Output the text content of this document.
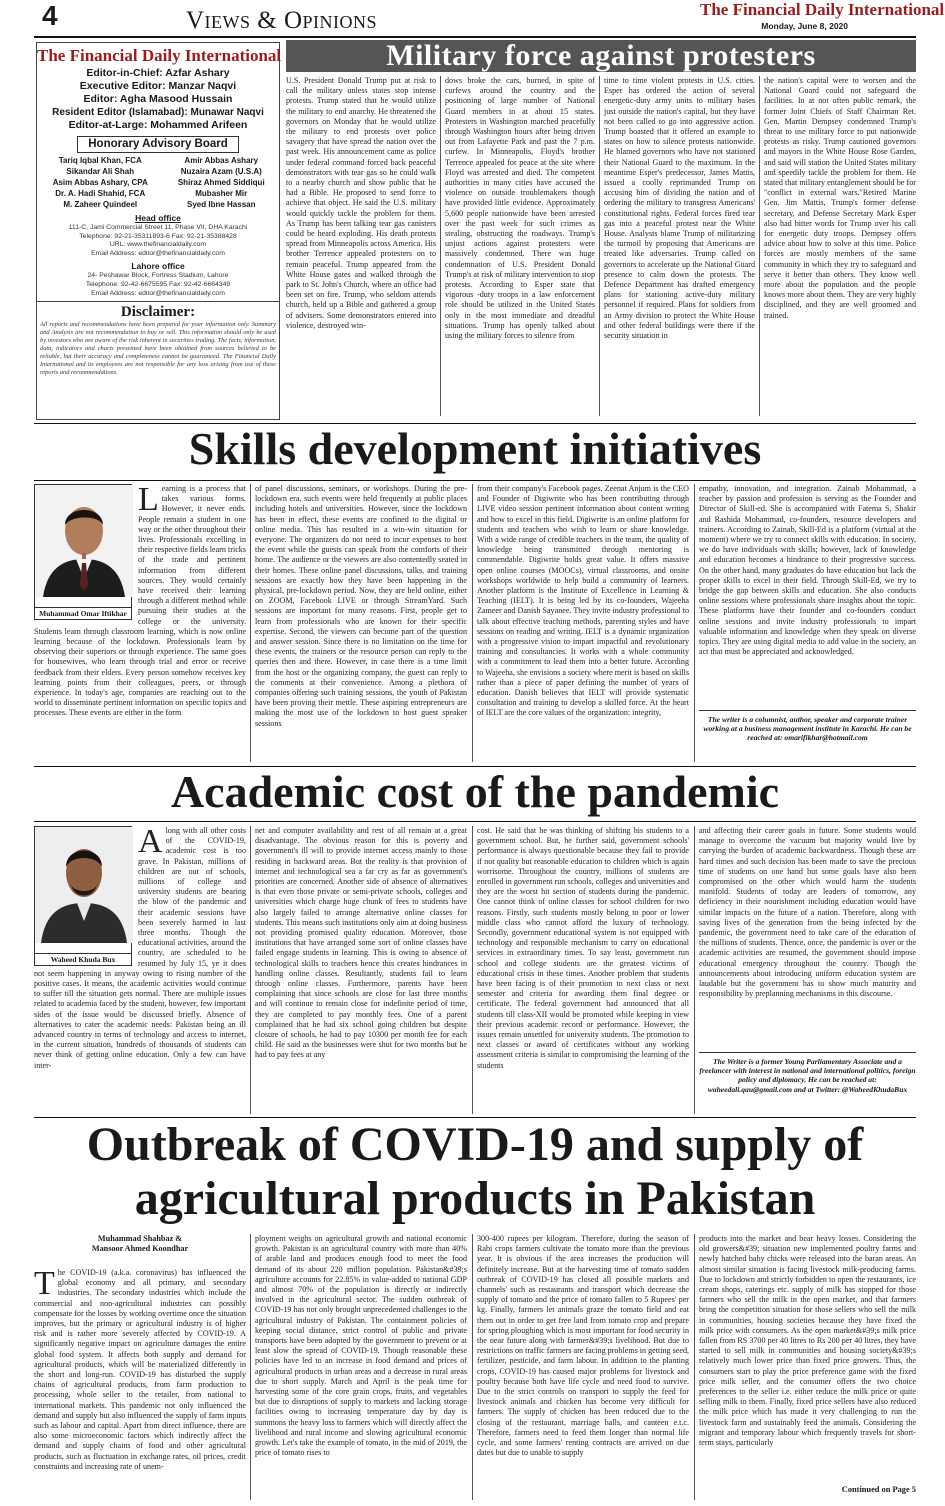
4	Views & Opinions	The Financial Daily International
Monday, June 8, 2020
The Financial Daily International
Editor-in-Chief: Azfar Ashary
Executive Editor: Manzar Naqvi
Editor: Agha Masood Hussain
Resident Editor (Islamabad): Munawar Naqvi
Editor-at-Large: Mohammed Arifeen
Honorary Advisory Board
Tariq Iqbal Khan, FCA	Amir Abbas Ashary
Sikandar Ali Shah	Nuzaira Azam (U.S.A)
Asim Abbas Ashary, CPA	Shiraz Ahmed Siddiqui
Dr. A. Hadi Shahid, FCA	Mubasher Mir
M. Zaheer Quindeel	Syed Ibne Hassan
Head office
111-C, Jami Commercial Street 11, Phase VII, DHA Karachi
Telephone: 92-21-35311893-6 Fax: 92-21-35388428
URL: www.thefinancialdaily.com
Email Address: editor@thefinancialdaily.com
Lahore office
24- Peshawar Block, Fortress Stadium, Lahore
Telephone: 92-42-6675595 Fax: 92-42-6664349
Email Address: editor@thefinancialdaily.com
Disclaimer:
All reports and recommendations have been prepared for your information only. Summary and Analysis are not recommendation to buy or sell. This information should only be used by investors who are aware of the risk inherent in securities trading. The facts, information, data, indicators and charts presented have been obtained from sources believed to be reliable, but their accuracy and completeness cannot be guaranteed. The Financial Daily International and its employees are not responsible for any loss arising from use of these reports and recommendations.
Military force against protesters
U.S. President Donald Trump put at risk to call the military unless states stop intense protests. Trump stated that he would utilize the military to end anarchy. He threatened the governors on Monday that he would utilize the military to end protests over police savagery that have spread the nation over the past week. His announcement came as police under federal command forced back peaceful demonstrators with tear gas so he could walk to a nearby church and show public that he had a Bible. He proposed to send force to achieve that object. He said the U.S. military would quickly tackle the problem for them. As Trump has been talking tear gas canisters could be heard exploding. His death protests spread from Minneapolis across America. His brother Terrence appealed protesters on to remain peaceful. Trump appeared from the White House gates and walked through the park to St. John's Church, where an office had been set on fire. Trump, who seldom attends church, held up a Bible and gathered a group of advisers. Some demonstrators entered into violence, destroyed win-
dows broke the cars, burned, in spite of curfews around the country and the positioning of large number of National Guard members in at about 15 states. Protesters in Washington marched peacefully through Washington hours after being driven out from Lafayette Park and past the 7 p.m. curfew. In Minneapolis, Floyd's brother Terrence appealed for peace at the site where Floyd was arrested and died. The competent authorities in many cities have accused the violence on outside troublemakers though have provided little evidence. Approximately 5,600 people nationwide have been arrested over the past week for such crimes as stealing, obstructing the roadways. Trump's unjust actions against protesters were massively condemned. There was huge condemnation of U.S. President Donald Trump's at risk of military intervention to stop protests. According to Esper state that vigorous -duty troops in a law enforcement role should be utilized in the United States only in the most immediate and dreadful situations. Trump has openly talked about using the military forces to silence from
time to time violent protests in U.S. cities. Esper has ordered the action of several energetic-duty army units to military bases just outside the nation's capital, but they have not been called to go into aggressive action. Trump boasted that it offered an example to states on how to silence protests nationwide. He blamed governors who have not stationed their National Guard to the maximum. In the meantime Esper's predecessor, James Mattis, issued a coolly reprimanded Trump on accusing him of dividing the nation and of ordering the military to transgress Americans' constitutional rights. Federal forces fired tear gas into a peaceful protest near the White House. Analysts blame Trump of militarizing the turmoil by proposing that Americans are treated like adversaries. Trump called on governors to accelerate up the National Guard presence to calm down the protests. The Defence Department has drafted emergency plans for stationing active-duty military personnel if required. Plans for soldiers from an Army division to protect the White House and other federal buildings were there if the security situation in
the nation's capital were to worsen and the National Guard could not safeguard the facilities. In at not often public remark, the former Joint Chiefs of Staff Chairman Ret. Gen. Martin Dempsey condemned Trump's threat to use military force to put nationwide protests as risky. Trump cautioned governors and mayors in the White House Rose Garden, and said will station the United States military and speedily tackle the problem for them. He stated that military entanglement should be for "conflict in external wars."Retired Marine Gen. Jim Mattis, Trump's former defense secretary, and Defense Secretary Mark Esper also had bitter words for Trump over his call for energetic duty troops. Dempsey offers advice about how to solve at this time. Police forces are mostly members of the same community in which they try to safeguard and serve it better than others. They know well more about the population and the people knows more about them. They are very highly disciplined, and they are well groomed and trained.
Skills development initiatives
Muhammad Omar Iftikhar
L earning is a process that takes various forms. However, it never ends. People remain a student in one way or the other throughout their lives. Professionals excelling in their respective fields learn tricks of the trade and pertinent information from different sources. They would certainly have received their learning through a different method while pursuing their studies at the college or the university. Students learn through classroom learning, which is now online learning because of the lockdown. Professionals learn by observing their superiors or through experience. The same goes for housewives, who learn through trial and error or receive feedback from their elders. Every person somehow receives key learning points from their colleagues, peers, or through experience. In today's age, companies are reaching out to the world to disseminate pertinent information on specific topics and processes. These events are either in the form
of panel discussions, seminars, or workshops. During the pre-lockdown era, such events were held frequently at public places including hotels and universities. However, since the lockdown has been in effect, these events are confined to the digital or online media. This has resulted in a win-win situation for everyone. The organizers do not need to incur expenses to host the event while the guests can speak from the comforts of their home. The audience or the viewers are also contentedly seated in their homes. These online panel discussions, talks, and training sessions are exactly how they have been happening in the physical, pre-lockdown period. Now, they are held online, either on ZOOM, Facebook LIVE or through StreamYard. Such sessions are important for many reasons. First, people get to learn from professionals who are known for their specific expertise. Second, the viewers can become part of the question and answer session. Since there is no limitation on the time for these events, the trainers or the resource person can reply to the queries then and there. However, in case there is a time limit from the host or the organizing company, the guest can reply to the comments at their convenience. Among a plethora of companies offering such training sessions, the youth of Pakistan have been proving their mettle. These aspiring entrepreneurs are making the most use of the lockdown to host guest speaker sessions
from their company's Facebook pages. Zeenat Anjum is the CEO and Founder of Digiwrite who has been contributing through LIVE video session pertinent information about content writing and how to excel in this field. Digiwrite is an online platform for students and teachers who wish to learn or share knowledge. With a wide range of credible teachers in the team, the quality of knowledge being transmitted through mentoring is commendable. Digiwrite holds great value. It offers massive open online courses (MOOCs), virtual classrooms, and onsite workshops worldwide to help build a community of learners. Another platform is the Institute of Excellence in Learning & Teaching (IELT). It is being led by its co-founders, Wajeeha Zameer and Danish Sayanee. They invite industry professional to talk about effective teaching methods, parenting styles and have sessions on reading and writing. IELT is a dynamic organization with a progressive vision to impart impactful and revolutionary training and consultancies. It works with a whole community with a commitment to lead them into a better future. According to Wajeeha, she envisions a society where merit is based on skills rather than a piece of paper defining the number of years of education. Danish believes that IELT will provide systematic consultation and training to develop a skilled force. At the heart of IELT are the core values of the organization: integrity,
empathy, innovation, and integration. Zainab Mohammad, a teacher by passion and profession is serving as the Founder and Director of Skill-ed. She is accompanied with Fatema S. Shakir and Rashida Mohammad, co-founders, resource developers and trainers. According to Zainab, Skill-Ed is a platform (virtual at the moment) where we try to connect skills with education. In society, we do have individuals with skills; however, lack of knowledge and education becomes a hindrance to their progressive success. On the other hand, many graduates do have education but lack the proper skills to excel in their field. Through Skill-Ed, we try to bridge the gap between skills and education. She also conducts online sessions where professionals share insights about the topic. These platforms have their founder and co-founders conduct online sessions and invite industry professionals to impart valuable information and knowledge when they speak on diverse topics. They are using digital media to add value in the society, an act that must be appreciated and acknowledged.
The writer is a columnist, author, speaker and corporate trainer working at a business management institute in Karachi. He can be reached at: omarifikhar@hotmail.com
Academic cost of the pandemic
Waheed Khuda Bux
A long with all other costs of the COVID-19, academic cost is too grave. In Pakistan, millions of children are out of schools, millions of college and university students are bearing the blow of the pandemic and their academic sessions have been severely harmed in last three months. Though the educational activities, around the country, are scheduled to be resumed by July 15, ye it does not seem happening in anyway owing to rising number of the positive cases. It means, the academic activities would continue to suffer till the situation gets normal. There are multiple issues related to academia faced by the student, however, few important sides of the issue would be discussed briefly. Absence of alternatives to cater the academic needs: Pakistan being an ill advanced country in terms of technology and access to internet, in the current situation, hundreds of thousands of students can never think of getting online education. Only a few can have inter-
net and computer availability and rest of all remain at a great disadvantage. The obvious reason for this is poverty and government's ill will to provide internet access mainly to those residing in backward areas. But the reality is that provision of internet and technological sea a far cry as far as government's priorities are concerned. Another side of absence of alternatives is that even those private or semi-private schools, colleges and universities which charge huge chunk of fees to students have also largely failed to arrange alternative online classes for students. This means such institutions only aim at doing business not providing promised quality education. Moreover, those institutions that have arranged some sort of online classes have failed engage students in learning. This is owing to absence of technological skills to teachers hence this creates hindrances in handling online classes. Resultantly, students fail to learn through online classes. Furthermore, parents have been complaining that since schools are close for last three months and will continue to remain close for indefinite period of time, they are completed to pay monthly fees. One of a parent complained that he had six school going children but despite closure of schools, he had to pay 10300 per month fee for each child. He said as the businesses were shut for two months but he had to pay fees at any
cost. He said that he was thinking of shifting his students to a government school. But, he further said, government schools' performance is always questionable because they fail to provide if not quality but reasonable education to children which is again worrisome. Throughout the country, millions of students are enrolled in government run schools, colleges and universities and they are the worst hit section of students during the pandemic. One cannot think of online classes for school children for two reasons. Firstly, such students mostly belong to poor or lower middle class who cannot afford the luxury of technology. Secondly, government educational system is not equipped with technology and responsible mechanism to carry on educational services in extraordinary times. To say least, government run school and college students are the greatest victims of educational crisis in these times. Another problem that students have been facing is of their promotion to next class or next semester and criteria for awarding them final degree or certificate. The federal government had announced that all students till class-XII would be promoted while keeping in view their previous academic record or performance. However, the issues remain unsettled for university students. The promotion to next classes or award of certificates without any working assessment criteria is similar to compromising the learning of the students
and affecting their career goals in future. Some students would manage to overcome the vacuum but majority would live by carrying the burden of academic backwardness. Though these are hard times and such decision has been made to save the precious time of students on one hand but some goals have also been compromised on the other which would harm the students manifold. Students of today are leaders of tomorrow, any deficiency in their nourishment including education would have similar impacts on the future of a nation. Therefore, along with saving lives of the generation from the being infected by the pandemic, the government need to take care of the education of the millions of students. Thence, once, the pandemic is over or the academic activities are resumed, the government should impose educational emergency throughout the country. Though the announcements about introducing uniform education system are laudable but the government has to show much maturity and responsibility by preplanning mechanisms in this discourse.
The Writer is a former Young Parliamentary Associate and a freelancer with interest in national and international politics, foreign policy and diplomacy. He can be reached at: waheedali.qau@gmail.com and at Twitter: @WaheedKhudaBux
Outbreak of COVID-19 and supply of
agricultural products in Pakistan
Muhammad Shahbaz &
Mansoor Ahmed Koondhar
T he COVID-19 (a.k.a. coronavirus) has influenced the global economy and all primary, and secondary industries. The secondary industries which include the commercial and non-agricultural industries can possibly compensate for the losses by working overtime once the situation improves, but the primary or agricultural industry is of higher risk and is rather more severely affected by COVID-19. A significantly negative impact on agriculture damages the entire global food system. It affects both supply and demand for agricultural products, which will be materialized differently in the short and long-run. COVID-19 has disturbed the supply chains of agricultural products, from farm production to processing, whole seller to the retailer, from national to international markets. This pandemic not only influenced the demand and supply but also influenced the supply of farm inputs such as labour and capital. Apart from direct influence, there are also some microeconomic factors which indirectly affect the demand and supply chains of food and other agricultural products, such as fluctuation in exchange rates, oil prices, credit constraints and increasing rate of unem-
ployment weighs on agricultural growth and national economic growth. Pakistan is an agricultural country with more than 40% of arable land and produces enough food to meet the food demand of its about 220 million population. Pakistan&#39;s agriculture accounts for 22.85% in value-added to national GDP and almost 70% of the population is directly or indirectly involved in the agricultural sector. The sudden outbreak of COVID-19 has not only brought unprecedented challenges to the agricultural industry of Pakistan. The containment policies of keeping social distance, strict control of public and private transports have been adopted by the government to prevent or at least slow the spread of COVID-19. Though reasonable these policies have led to an increase in food demand and prices of agricultural products in urban areas and a decrease in rural areas due to short supply. March and April is the peak time for harvesting some of the core grain crops, fruits, and vegetables but due to disruptions of supply to markets and lacking storage facilities owing to increasing temperature day by day is summons the heavy loss to farmers which will directly affect the livelihood and rural income and slowing agricultural economic growth. Let's take the example of tomato, in the mid of 2019, the price of tomato rises to
300-400 rupees per kilogram. Therefore, during the season of Rabi crops farmers cultivate the tomato more than the previous year. It is obvious if the area increases the production will definitely increase. But at the harvesting time of tomato sudden outbreak of COVID-19 has closed all possible markets and channels' such as restaurants and transport which decrease the supply of tomato and the price of tomato fallen to 5 Rupees' per kg. Finally, farmers let animals graze the tomato field and eat them out in order to get free land from tomato crop and prepare for spring ploughing which is most important for food security in the near future along with farmer&#39;s livelihood. But due to restrictions on traffic farmers are facing problems in getting seed, fertilizer, pesticide, and farm labour. In addition to the planting crops, COVID-19 has caused major problems for livestock and poultry because both have life cycle and need food to survive. Due to the strict controls on transport to supply the feed for livestock animals and chicken has become very difficult for farmers. The supply of chicken has been reduced due to the closing of the restaurant, marriage halls, and canteen e.t.c. Therefore, farmers need to feed them longer than normal life cycle, and some farmers' renting contracts are arrived on due dates but due to unable to supply
products into the market and bear heavy losses. Considering the old growers&#39; situation new implemented poultry farms and newly hatched baby chicks were released into the baran areas. An almost similar situation is facing livestock milk-producing farms. Due to lockdown and strictly forbidden to open the restaurants, ice cream shops, caterings etc. supply of milk has stopped for those farmers who sell the milk in the open market, and that farmers bring the competition situation for those sellers who sell the milk in communities, housing societies because they have fixed the milk price with consumers. As the open market&#39;s milk price fallen from RS 3700 per 40 litres to Rs 200 per 40 litres, they have started to sell milk in communities and housing society&#39;s relatively much lower price than fixed price growers. Thus, the consumers start to play the price preference game with the fixed price milk seller, and the consumer offers the two choice preferences to the seller i.e. either reduce the milk price or quite selling milk to them. Finally, fixed price sellers have also reduced the milk price which has made it very challenging to run the livestock farm and sustainably feed the animals. Considering the migrant and temporary labour which frequently travels for short-term stays, particularly
Continued on Page 5
